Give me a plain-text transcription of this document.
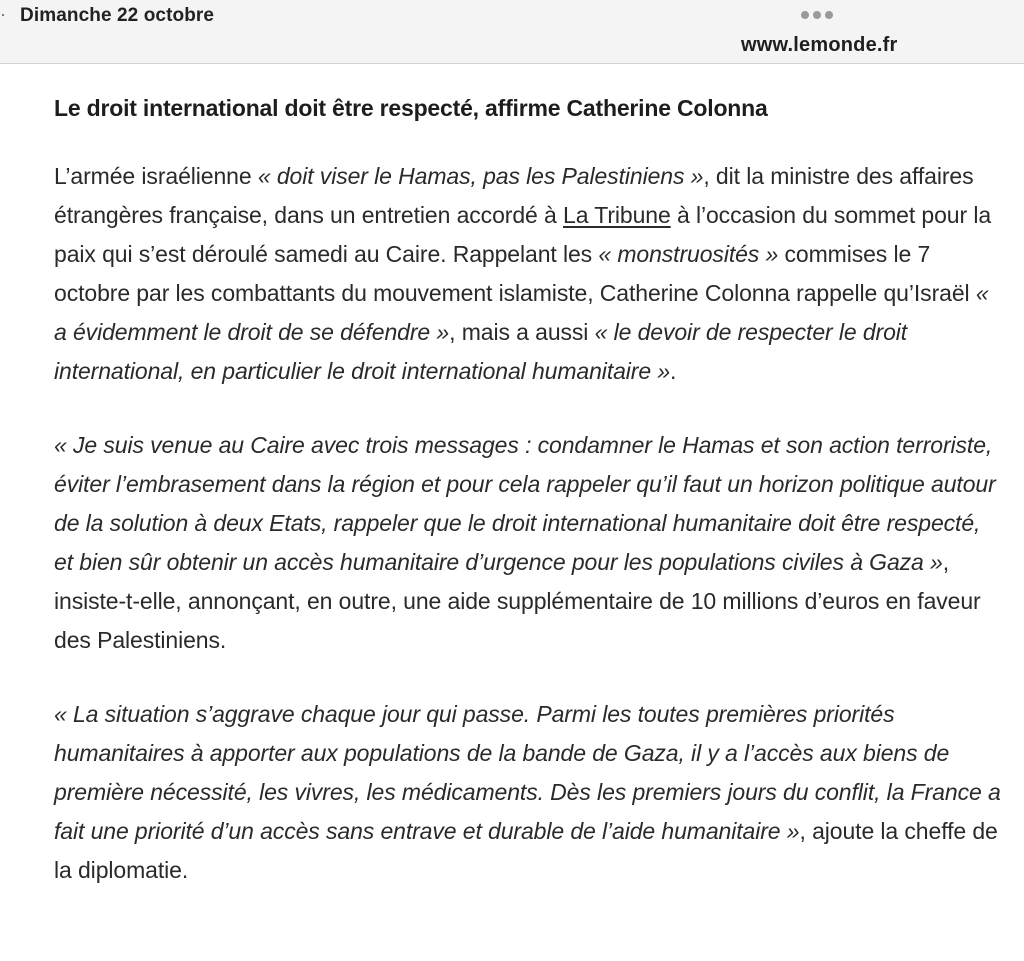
Dimanche 22 octobre
www.lemonde.fr
Le droit international doit être respecté, affirme Catherine Colonna

L’armée israélienne « doit viser le Hamas, pas les Palestiniens », dit la ministre des affaires étrangères française, dans un entretien accordé à La Tribune à l’occasion du sommet pour la paix qui s’est déroulé samedi au Caire. Rappelant les « monstruosités » commises le 7 octobre par les combattants du mouvement islamiste, Catherine Colonna rappelle qu’Israël « a évidemment le droit de se défendre », mais a aussi « le devoir de respecter le droit international, en particulier le droit international humanitaire ».

« Je suis venue au Caire avec trois messages : condamner le Hamas et son action terroriste, éviter l’embrasement dans la région et pour cela rappeler qu’il faut un horizon politique autour de la solution à deux Etats, rappeler que le droit international humanitaire doit être respecté, et bien sûr obtenir un accès humanitaire d’urgence pour les populations civiles à Gaza », insiste-t-elle, annonçant, en outre, une aide supplémentaire de 10 millions d’euros en faveur des Palestiniens.

« La situation s’aggrave chaque jour qui passe. Parmi les toutes premières priorités humanitaires à apporter aux populations de la bande de Gaza, il y a l’accès aux biens de première nécessité, les vivres, les médicaments. Dès les premiers jours du conflit, la France a fait une priorité d’un accès sans entrave et durable de l’aide humanitaire », ajoute la cheffe de la diplomatie.
